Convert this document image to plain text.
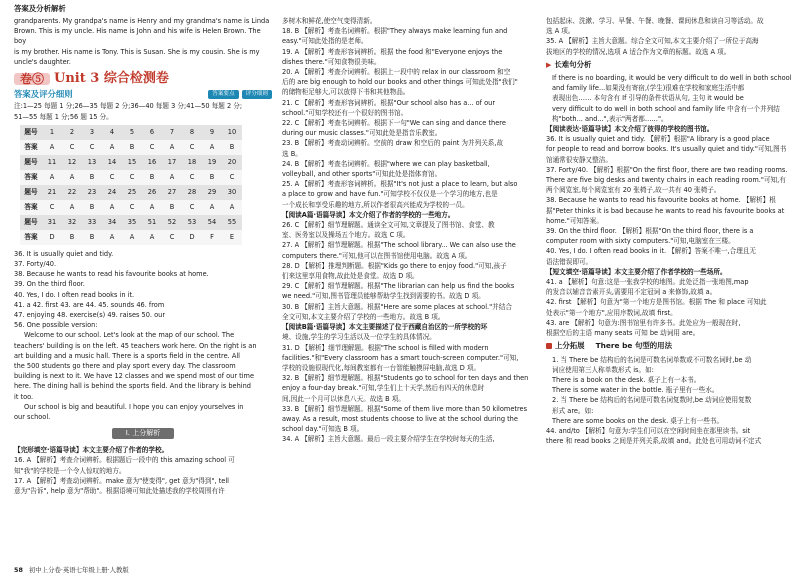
答案及分析解析

grandparents. My grandpa's name is Henry and my grandma's name is Linda

Brown. This is my uncle. His name is John and his wife is Helen Brown. The boy

is my brother. His name is Tony. This is Susan. She is my cousin. She is my

uncle's daughter.

卷⑤ Unit 3 综合检测卷
答案及评分细则	答案要点	评分细则

注:1—25 每题 1 分;26—35 每题 2 分;36—40 每题 3 分;41—50 每题 2 分;

51—55 每题 1 分;56 题 15 分。

题号	1	2	3	4	5	6	7	8	9	10
答案	A	C	C	A	B	C	A	C	A	B
题号	11	12	13	14	15	16	17	18	19	20
答案	A	A	B	C	C	B	A	C	B	C
题号	21	22	23	24	25	26	27	28	29	30
答案	C	A	B	A	C	A	B	C	A	A
题号	31	32	33	34	35	51	52	53	54	55
答案	D	B	B	A	A	A	C	D	F	E

36. It is usually quiet and tidy.

37. Forty/40.

38. Because he wants to read his favourite books at home.

39. On the third floor.

40. Yes, I do. I often read books in it.

41. a 42. first 43. are 44. 45. sounds 46. from

47. enjoying 48. exercise(s) 49. raises 50. our

56. One possible version:

Welcome to our school. Let's look at the map of our school. The

teachers' building is on the left. 45 teachers work here. On the right is an

art building and a music hall. There is a sports field in the centre. All

the 500 students go there and play sport every day. The classroom

building is next to it. We have 12 classes and we spend most of our time

here. The dining hall is behind the sports field. And the library is behind

it too.

Our school is big and beautiful. I hope you can enjoy yourselves in

our school.

Ⅰ. 上分解析

【完形填空·语篇导读】本文主要介绍了作者的学校。

16. A 【解析】考查介词辨析。根据题后一段中的 this amazing school 可

知"我"的学校是一个令人惊叹的地方。

17. A 【解析】考查动词辨析。make 意为"使变得", get 意为"得到", tell

意为"告诉", help 意为"帮助"。根据语境可知此处描述我的学校周围有许

多树木和鲜花,使空气变得清新。

18. B 【解析】考查名词辨析。根据"They always make learning fun and

easy."可知此处指的是老师。

19. A 【解析】考查形容词辨析。根据 the food 和"Everyone enjoys the

dishes there."可知食物很美味。

20. A 【解析】考查介词辨析。根据上一段中的 relax in our classroom 和空

后的 are big enough to hold our books and other things 可知此处指"我们"

的储物柜足够大,可以放得下书和其他物品。

21. C 【解析】考查形容词辨析。根据"Our school also has a... of our

school."可知学校还有一个很好的图书馆。

22. C 【解析】考查名词辨析。根据下一句"We can sing and dance there

during our music classes."可知此处是指音乐教室。

23. B 【解析】考查动词辨析。空前的 draw 和空后的 paint 为并列关系,故

选 B。

24. B 【解析】考查名词辨析。根据"where we can play basketball,

volleyball, and other sports"可知此处是指体育馆。

25. A 【解析】考查形容词辨析。根据"It's not just a place to learn, but also

a place to grow and have fun."可知学校不仅仅是一个学习的地方,也是

一个成长和享受乐趣的地方,所以作者很高兴能成为学校的一员。

【阅读A篇·语篇导读】本文介绍了作者的学校的一些地方。

26. C 【解析】细节理解题。通读全文可知,文章提及了图书馆、食堂、教

室、医务室以及操场五个地方。故选 C 项。

27. A 【解析】细节理解题。根据"The school library... We can also use the

computers there."可知,他可以在图书馆使用电脑。故选 A 项。

28. D 【解析】推理判断题。根据"Kids go there to enjoy food."可知,孩子

们来这里享用食物,故此处是食堂。故选 D 项。

29. C 【解析】细节理解题。根据"The librarian can help us find the books

we need."可知,图书管理员能够帮助学生找到需要的书。故选 D 项。

30. B 【解析】主旨大意题。根据"Here are some places at school."并结合

全文可知,本文主要介绍了学校的一些地方。故选 B 项。

【阅读B篇·语篇导读】本文主要描述了位于西藏自治区的一所学校的环

境、设施,学生的学习生活以及一位学生的具体情况。

31. D 【解析】细节理解题。根据"The school is filled with modern

facilities."和"Every classroom has a smart touch-screen computer."可知,

学校的设施很现代化,每间教室都有一台智能触摸屏电脑,故选 D 项。

32. B 【解析】细节理解题。根据"Students go to school for ten days and then

enjoy a four-day break."可知,学生们上十天学,然后有四天的休息时

间,因此一个月可以休息八天。故选 B 项。

33. B 【解析】细节理解题。根据"Some of them live more than 50 kilometres

away. As a result, most students choose to live at the school during the

school day."可知选 B 项。

34. A 【解析】主旨大意题。最后一段主要介绍学生在学校时每天的生活,

包括起床、洗漱、学习、早餐、午餐、晚餐、课间休息和读自习等活动。故

选 A 项。

35. A 【解析】主旨大意题。综合全文可知,本文主要介绍了一所位于高海

拔地区的学校的情况,选项 A 适合作为文章的标题。故选 A 项。

▶ 长难句分析

If there is no boarding, it would be very difficult to do well in both school

and family life...如果没有寄宿,(学生)很难在学校和家庭生活中都

表现出色…… 本句含有 If 引导的条件状语从句, 主句 it would be

very difficult to do well in both school and family life 中含有一个并列结

构"both... and...",表示"两者都……"。

【阅读表达·语篇导读】本文介绍了彼得的学校的图书馆。

36. It is usually quiet and tidy. 【解析】根据"A library is a good place

for people to read and borrow books. It's usually quiet and tidy."可知,图书

馆通常很安静又整洁。

37. Forty/40. 【解析】根据"On the first floor, there are two reading rooms.

There are five big desks and twenty chairs in each reading room."可知,有

两个阅览室,每个阅览室有 20 张椅子,故一共有 40 张椅子。

38. Because he wants to read his favourite books at home. 【解析】根

据"Peter thinks it is bad because he wants to read his favourite books at

home."可知答案。

39. On the third floor. 【解析】根据"On the third floor, there is a

computer room with sixty computers."可知,电脑室在三楼。

40. Yes, I do. I often read books in it. 【解析】答案不唯一,合理且无

语法错误即可。

【短文填空·语篇导读】本文主要介绍了作者学校的一些场所。

41. a 【解析】句意:这是一张我学校的地图。此处泛指一张地图,map

的发音以辅音音素开头,需要用不定冠词 a 来修饰,故填 a。

42. first 【解析】句意为"第一个地方是图书馆。根据 The 和 place 可知此

处表示"第一个地方",应用序数词,故填 first。

43. are 【解析】句意为:图书馆里有许多书。此处应为一般现在时,

根据空后的主语 many seats 可知 be 动词用 are。

上分拓展 There be 句型的用法

1. 当 There be 结构后的名词是可数名词单数或不可数名词时,be 动

词应使用第三人称单数形式 is。如:

There is a book on the desk. 桌子上有一本书。

There is some water in the bottle. 瓶子里有一些水。

2. 当 There be 结构后的名词是可数名词复数时,be 动词应使用复数

形式 are。如:

There are some books on the desk. 桌子上有一些书。

44. and/to 【解析】句意为:学生们可以在空闲时间坐在那里读书。sit

there 和 read books 之间是并列关系,故填 and。此处也可用动词不定式

58 初中上分卷·英语七年级上册·人教版
